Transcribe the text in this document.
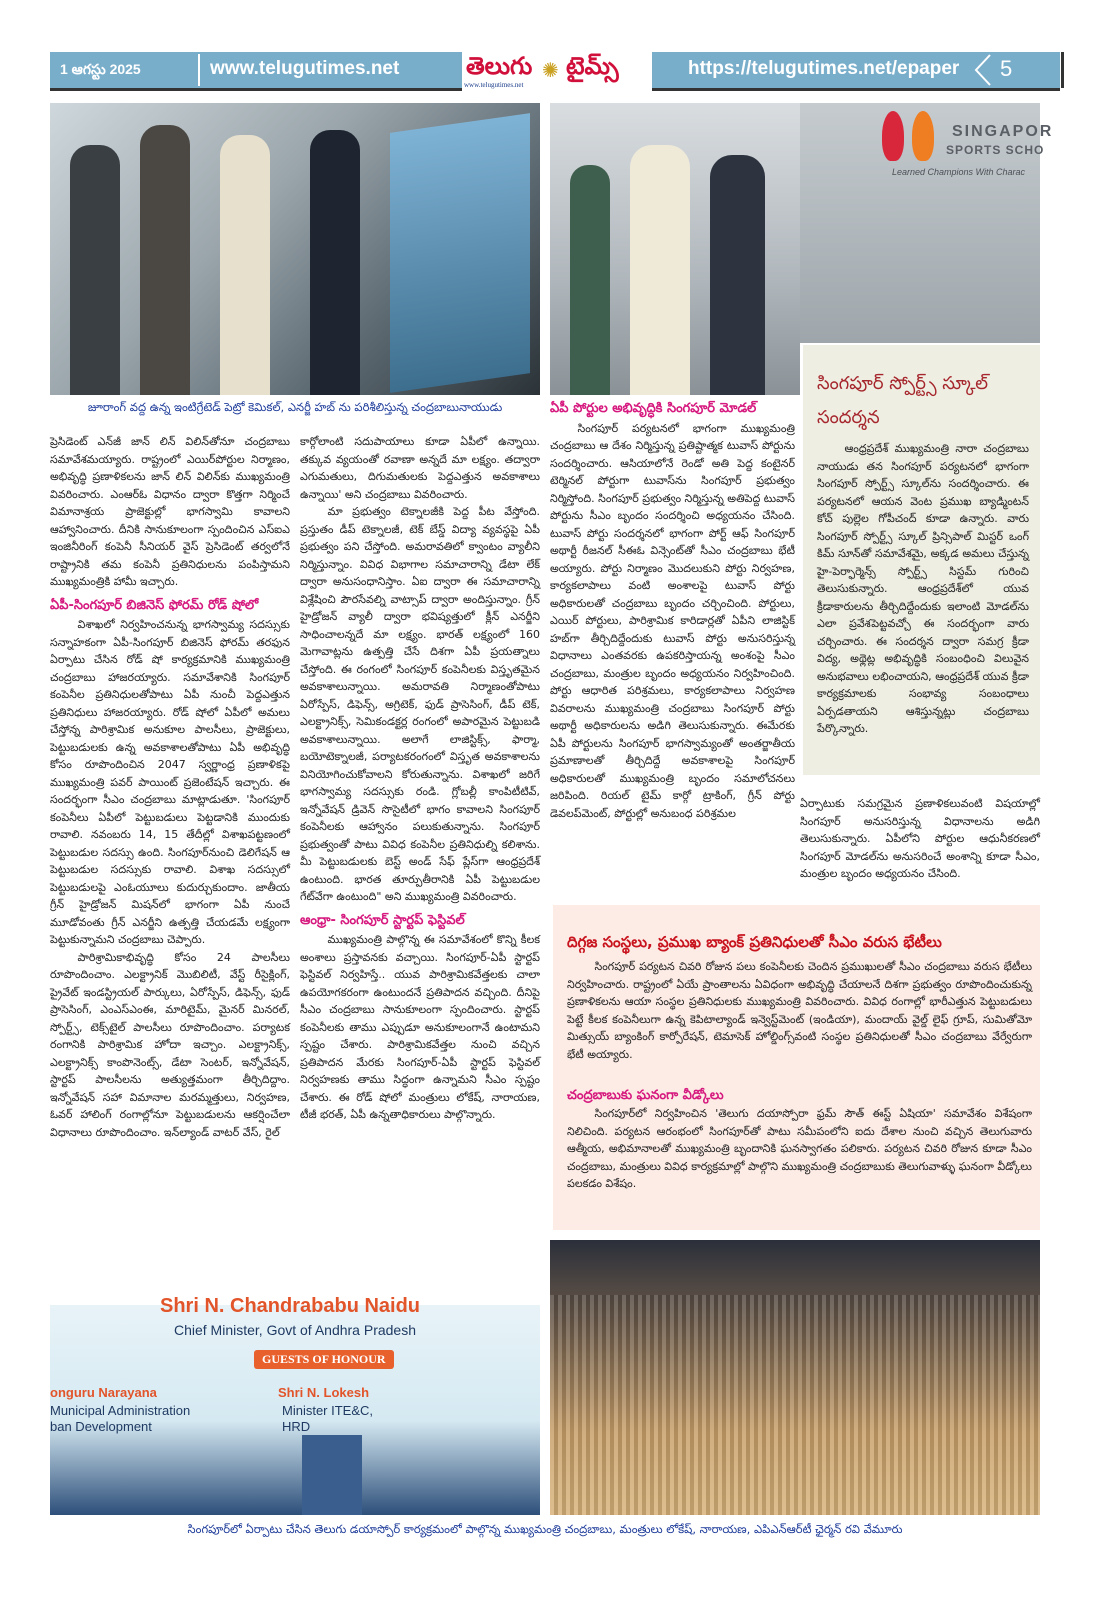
1 ఆగస్టు 2025	www.telugutimes.net	తెలుగు ✺ టైమ్స్
www.telugutimes.net
https://telugutimes.net/epaper 5
SINGAPOR
SPORTS SCHO
Learned Champions With Charac
జూరాంగ్ వద్ద ఉన్న ఇంటిగ్రేటెడ్ పెట్రో కెమికల్, ఎనర్జీ హబ్ ను పరిశీలిస్తున్న చంద్రబాబునాయుడు

ప్రెసిడెంట్ ఎన్‌జీ జాన్ లిన్ విలిన్‌తోనూ చంద్రబాబు సమావేశమయ్యారు. రాష్ట్రంలో ఎయిర్‌పోర్టుల నిర్మాణం, అభివృద్ధి ప్రణాళికలను జాన్ లిన్ విలిన్‌కు ముఖ్యమంత్రి వివరించారు. ఎంఆర్ఓ విధానం ద్వారా కొత్తగా నిర్మించే విమానాశ్రయ ప్రాజెక్టుల్లో భాగస్వామి కావాలని ఆహ్వానించారు. దీనికి సానుకూలంగా స్పందించిన ఎస్‌ఐఎ ఇంజినీరింగ్ కంపెనీ సీనియర్ వైస్ ప్రెసిడెంట్ తర్వలోనే రాష్ట్రానికి తమ కంపెనీ ప్రతినిధులను పంపిస్తామని ముఖ్యమంత్రికి హామీ ఇచ్చారు.

ఏపీ-సింగపూర్ బిజినెస్ ఫోరమ్ రోడ్ షోలో

విశాఖలో నిర్వహించనున్న భాగస్వామ్య సదస్సుకు సన్నాహకంగా ఏపీ-సింగపూర్ బిజినెస్ ఫోరమ్ తరఫున ఏర్పాటు చేసిన రోడ్ షో కార్యక్రమానికి ముఖ్యమంత్రి చంద్రబాబు హాజరయ్యారు. సమావేశానికి సింగపూర్ కంపెనీల ప్రతినిధులతోపాటు ఏపీ నుంచీ పెద్దఎత్తున ప్రతినిధులు హాజరయ్యారు. రోడ్ షోలో ఏపీలో అమలు చేస్తోన్న పారిశ్రామిక అనుకూల పాలసీలు, ప్రాజెక్టులు, పెట్టుబడులకు ఉన్న అవకాశాలతోపాటు ఏపీ అభివృద్ధి కోసం రూపొందించిన 2047 స్వర్ణాంధ్ర ప్రణాళికపై ముఖ్యమంత్రి పవర్ పాయింట్ ప్రజెంటేషన్ ఇచ్చారు. ఈ సందర్భంగా సీఎం చంద్రబాబు మాట్లాడుతూ. 'సింగపూర్ కంపెనీలు ఏపీలో పెట్టుబడులు పెట్టడానికి ముందుకు రావాలి. నవంబరు 14, 15 తేదీల్లో విశాఖపట్టణంలో పెట్టుబడుల సదస్సు ఉంది. సింగపూర్‌నుంచి డెలిగేషన్ ఆ పెట్టుబడుల సదస్సుకు రావాలి. విశాఖ సదస్సులో పెట్టుబడులపై ఎంఓయూలు కుదుర్చుకుందాం. జాతీయ గ్రీన్ హైడ్రోజన్ మిషన్‌లో భాగంగా ఏపీ నుంచే మూడోవంతు గ్రీన్ ఎనర్జీని ఉత్పత్తి చేయడమే లక్ష్యంగా పెట్టుకున్నామని చంద్రబాబు చెప్పారు.

పారిశ్రామికాభివృద్ధి కోసం 24 పాలసీలు రూపొందించాం. ఎలక్ట్రానిక్ మొబిలిటీ, వేస్ట్ రీసైక్లింగ్, ప్రైవేట్ ఇండస్ట్రియల్ పార్కులు, ఏరోస్పేస్, డిఫెన్స్, ఫుడ్ ప్రాసెసింగ్, ఎంఎస్ఎంఈ, మారిటైమ్, మైనర్ మినరల్, స్పోర్ట్స్, టెక్స్‌టైల్ పాలసీలు రూపొందించాం. పర్యాటక రంగానికి పారిశ్రామిక హోదా ఇచ్చాం. ఎలక్ట్రానిక్స్, ఎలక్ట్రానిక్స్ కాంపొనెంట్స్, డేటా సెంటర్, ఇన్నోవేషన్, స్టార్టప్ పాలసీలను అత్యుత్తమంగా తీర్చిదిద్దాం. ఇన్నోవేషన్ సహా విమానాల మరమ్మత్తులు, నిర్వహణ, ఓవర్ హాలింగ్ రంగాల్లోనూ పెట్టుబడులను ఆకర్షించేలా విధానాలు రూపొందించాం. ఇన్‌ల్యాండ్ వాటర్ వేస్, రైల్

కార్గోలాంటి సదుపాయాలు కూడా ఏపీలో ఉన్నాయి. తక్కువ వ్యయంతో రవాణా అన్నదే మా లక్ష్యం. తద్వారా ఎగుమతులు, దిగుమతులకు పెద్దఎత్తున అవకాశాలు ఉన్నాయి' అని చంద్రబాబు వివరించారు.

మా ప్రభుత్వం టెక్నాలజీకి పెద్ద పీట వేస్తోంది. ప్రస్తుతం డీప్ టెక్నాలజీ, టెక్ బేస్డ్ విద్యా వ్యవస్థపై ఏపీ ప్రభుత్వం పని చేస్తోంది. అమరావతిలో క్వాంటం వ్యాలీని నిర్మిస్తున్నాం. వివిధ విభాగాల సమాచారాన్ని డేటా లేక్ ద్వారా అనుసంధానిస్తాం. ఏఐ ద్వారా ఈ సమాచారాన్ని విశ్లేషించి పౌరసేవల్ని వాట్సాప్ ద్వారా అందిస్తున్నాం. గ్రీన్ హైడ్రోజన్ వ్యాలీ ద్వారా భవిష్యత్తులో క్లీన్ ఎనర్జీని సాధించాలన్నదే మా లక్ష్యం. భారత్ లక్ష్యంలో 160 మెగావాట్లను ఉత్పత్తి చేసే దిశగా ఏపీ ప్రయత్నాలు చేస్తోంది. ఈ రంగంలో సింగపూర్ కంపెనీలకు విస్తృతమైన అవకాశాలున్నాయి. అమరావతి నిర్మాణంతోపాటు ఏరోస్పేస్, డిఫెన్స్, అగ్రిటెక్, ఫుడ్ ప్రాసెసింగ్, డీప్ టెక్, ఎలక్ట్రానిక్స్, సెమికండక్టర్ల రంగంలో అపారమైన పెట్టుబడి అవకాశాలున్నాయి. అలాగే లాజిస్టిక్స్, ఫార్మా, బయోటెక్నాలజీ, పర్యాటకరంగంలో విస్తృత అవకాశాలను వినియోగించుకోవాలని కోరుతున్నాను. విశాఖలో జరిగే భాగస్వామ్య సదస్సుకు రండి. గ్లోబల్లీ కాంపిటీటివ్, ఇన్నోవేషన్ డ్రివెన్ సొసైటీలో భాగం కావాలని సింగపూర్ కంపెనీలకు ఆహ్వానం పలుకుతున్నాను. సింగపూర్ ప్రభుత్వంతో పాటు వివిధ కంపెనీల ప్రతినిధుల్ని కలిశాను. మీ పెట్టుబడులకు బెస్ట్ అండ్ సేఫ్ ప్లేస్‌గా ఆంధ్రప్రదేశ్ ఉంటుంది. భారత తూర్పుతీరానికి ఏపీ పెట్టుబడుల గేట్‌వేగా ఉంటుంది" అని ముఖ్యమంత్రి వివరించారు.

ఆంధ్రా- సింగపూర్ స్టార్టప్ ఫెస్టివల్

ముఖ్యమంత్రి పాల్గొన్న ఈ సమావేశంలో కొన్ని కీలక అంశాలు ప్రస్తావనకు వచ్చాయి. సింగపూర్-ఏపీ స్టార్టప్ ఫెస్టివల్ నిర్వహిస్తే.. యువ పారిశ్రామికవేత్తలకు చాలా ఉపయోగకరంగా ఉంటుందనే ప్రతిపాదన వచ్చింది. దీనిపై సీఎం చంద్రబాబు సానుకూలంగా స్పందించారు. స్టార్టప్ కంపెనీలకు తాము ఎప్పుడూ అనుకూలంగానే ఉంటామని స్పష్టం చేశారు. పారిశ్రామికవేత్తల నుంచి వచ్చిన ప్రతిపాదన మేరకు సింగపూర్-ఏపీ స్టార్టప్ ఫెస్టివల్ నిర్వహణకు తాము సిద్ధంగా ఉన్నామని సీఎం స్పష్టం చేశారు. ఈ రోడ్ షోలో మంత్రులు లోకేష్, నారాయణ, టీజీ భరత్, ఏపీ ఉన్నతాధికారులు పాల్గొన్నారు.

ఏపీ పోర్టుల అభివృద్ధికి సింగపూర్ మోడల్

సింగపూర్ పర్యటనలో భాగంగా ముఖ్యమంత్రి చంద్రబాబు ఆ దేశం నిర్మిస్తున్న ప్రతిష్టాత్మక టువాస్ పోర్టును సందర్శించారు. ఆసియాలోనే రెండో అతి పెద్ద కంటైనర్ టెర్మినల్ పోర్టుగా టువాస్‌ను సింగపూర్ ప్రభుత్వం నిర్మిస్తోంది. సింగపూర్ ప్రభుత్వం నిర్మిస్తున్న అతిపెద్ద టువాస్ పోర్టును సీఎం బృందం సందర్శించి అధ్యయనం చేసింది. టువాస్ పోర్టు సందర్శనలో భాగంగా పోర్ట్ ఆఫ్ సింగపూర్ అథార్టీ రీజనల్ సీఈఓ విన్సెంట్‌తో సీఎం చంద్రబాబు భేటీ అయ్యారు. పోర్టు నిర్మాణం మొదలుకుని పోర్టు నిర్వహణ, కార్యకలాపాలు వంటి అంశాలపై టువాస్ పోర్టు అధికారులతో చంద్రబాబు బృందం చర్చించింది. పోర్టులు, ఎయిర్ పోర్టులు, పారిశ్రామిక కారిడార్లతో ఏపీని లాజిస్టిక్ హబ్‌గా తీర్చిదిద్దేందుకు టువాస్ పోర్టు అనుసరిస్తున్న విధానాలు ఎంతవరకు ఉపకరిస్తాయన్న అంశంపై సీఎం చంద్రబాబు, మంత్రుల బృందం అధ్యయనం నిర్వహించింది. పోర్టు ఆధారిత పరిశ్రమలు, కార్యకలాపాలు నిర్వహణ వివరాలను ముఖ్యమంత్రి చంద్రబాబు సింగపూర్ పోర్టు అథార్టీ అధికారులను అడిగి తెలుసుకున్నారు. ఈమేరకు ఏపీ పోర్టులను సింగపూర్ భాగస్వామ్యంతో అంతర్జాతీయ ప్రమాణాలతో తీర్చిదిద్దే అవకాశాలపై సింగపూర్ అధికారులతో ముఖ్యమంత్రి బృందం సమాలోచనలు జరిపింది. రియల్ టైమ్ కార్గో ట్రాకింగ్, గ్రీన్ పోర్టు డెవలప్‌మెంట్, పోర్టుల్లో అనుబంధ పరిశ్రమల

సింగపూర్ స్పోర్ట్స్ స్కూల్ సందర్శన

ఆంధ్రప్రదేశ్ ముఖ్యమంత్రి నారా చంద్రబాబు నాయుడు తన సింగపూర్ పర్యటనలో భాగంగా సింగపూర్ స్పోర్ట్స్ స్కూల్‌ను సందర్శించారు. ఈ పర్యటనలో ఆయన వెంట ప్రముఖ బ్యాడ్మింటన్ కోచ్ పుల్లెల గోపీచంద్ కూడా ఉన్నారు. వారు సింగపూర్ స్పోర్ట్స్ స్కూల్ ప్రిన్సిపాల్ మిస్టర్ ఒంగ్ కిమ్ సూన్‌తో సమావేశమై, అక్కడ అమలు చేస్తున్న హై-పెర్ఫార్మెన్స్ స్పోర్ట్స్ సిస్టమ్ గురించి తెలుసుకున్నారు. ఆంధ్రప్రదేశ్‌లో యువ క్రీడాకారులను తీర్చిదిద్దేందుకు ఇలాంటి మోడల్‌ను ఎలా ప్రవేశపెట్టవచ్చో ఈ సందర్భంగా వారు చర్చించారు. ఈ సందర్శన ద్వారా సమగ్ర క్రీడా విద్య, అథ్లెట్ల అభివృద్ధికి సంబంధించి విలువైన అనుభవాలు లభించాయని, ఆంధ్రప్రదేశ్ యువ క్రీడా కార్యక్రమాలకు సంభావ్య సంబంధాలు ఏర్పడతాయని ఆశిస్తున్నట్లు చంద్రబాబు పేర్కొన్నారు.

ఏర్పాటుకు సమగ్రమైన ప్రణాళికలువంటి విషయాల్లో సింగపూర్ అనుసరిస్తున్న విధానాలను అడిగి తెలుసుకున్నారు. ఏపీలోని పోర్టుల ఆధునీకరణలో సింగపూర్ మోడల్‌ను అనుసరించే అంశాన్ని కూడా సీఎం, మంత్రుల బృందం అధ్యయనం చేసింది.

దిగ్గజ సంస్థలు, ప్రముఖ బ్యాంక్ ప్రతినిధులతో సీఎం వరుస భేటీలు

సింగపూర్ పర్యటన చివరి రోజున పలు కంపెనీలకు చెందిన ప్రముఖులతో సీఎం చంద్రబాబు వరుస భేటీలు నిర్వహించారు. రాష్ట్రంలో ఏయే ప్రాంతాలను ఏవిధంగా అభివృద్ధి చేయాలనే దిశగా ప్రభుత్వం రూపొందించుకున్న ప్రణాళికలను ఆయా సంస్థల ప్రతినిధులకు ముఖ్యమంత్రి వివరించారు. వివిధ రంగాల్లో భారీఎత్తున పెట్టుబడులు పెట్టే కీలక కంపెనీలుగా ఉన్న కెపిటాల్యాండ్ ఇన్వెస్ట్‌మెంట్ (ఇండియా), మందాయ్ వైల్డ్ లైఫ్ గ్రూప్, సుమితోమో మిత్సుయ్ బ్యాంకింగ్ కార్పోరేషన్, టెమాసెక్ హోల్డింగ్స్‌వంటి సంస్థల ప్రతినిధులతో సీఎం చంద్రబాబు వేర్వేరుగా భేటీ అయ్యారు.

చంద్రబాబుకు ఘనంగా వీడ్కోలు

సింగపూర్‌లో నిర్వహించిన 'తెలుగు దయాస్పోరా ఫ్రమ్ సౌత్ ఈస్ట్ ఏషియా' సమావేశం విశేషంగా నిలిచింది. పర్యటన ఆరంభంలో సింగపూర్‌తో పాటు సమీపంలోని ఐదు దేశాల నుంచి వచ్చిన తెలుగువారు ఆత్మీయ, అభిమానాలతో ముఖ్యమంత్రి బృందానికి ఘనస్వాగతం పలికారు. పర్యటన చివరి రోజున కూడా సీఎం చంద్రబాబు, మంత్రులు వివిధ కార్యక్రమాల్లో పాల్గొని ముఖ్యమంత్రి చంద్రబాబుకు తెలుగువాళ్ళు ఘనంగా వీడ్కోలు పలకడం విశేషం.

Shri N. Chandrababu Naidu
Chief Minister, Govt of Andhra Pradesh
GUESTS OF HONOUR
onguru Narayana
Municipal Administration
ban Development
Shri N. Lokesh
Minister ITE&C,
HRD
సింగపూర్‌లో ఏర్పాటు చేసిన తెలుగు డయాస్పోర్ కార్యక్రమంలో పాల్గొన్న ముఖ్యమంత్రి చంద్రబాబు, మంత్రులు లోకేష్, నారాయణ, ఎపిఎన్ఆర్‌టీ ఛైర్మన్ రవి వేమూరు
